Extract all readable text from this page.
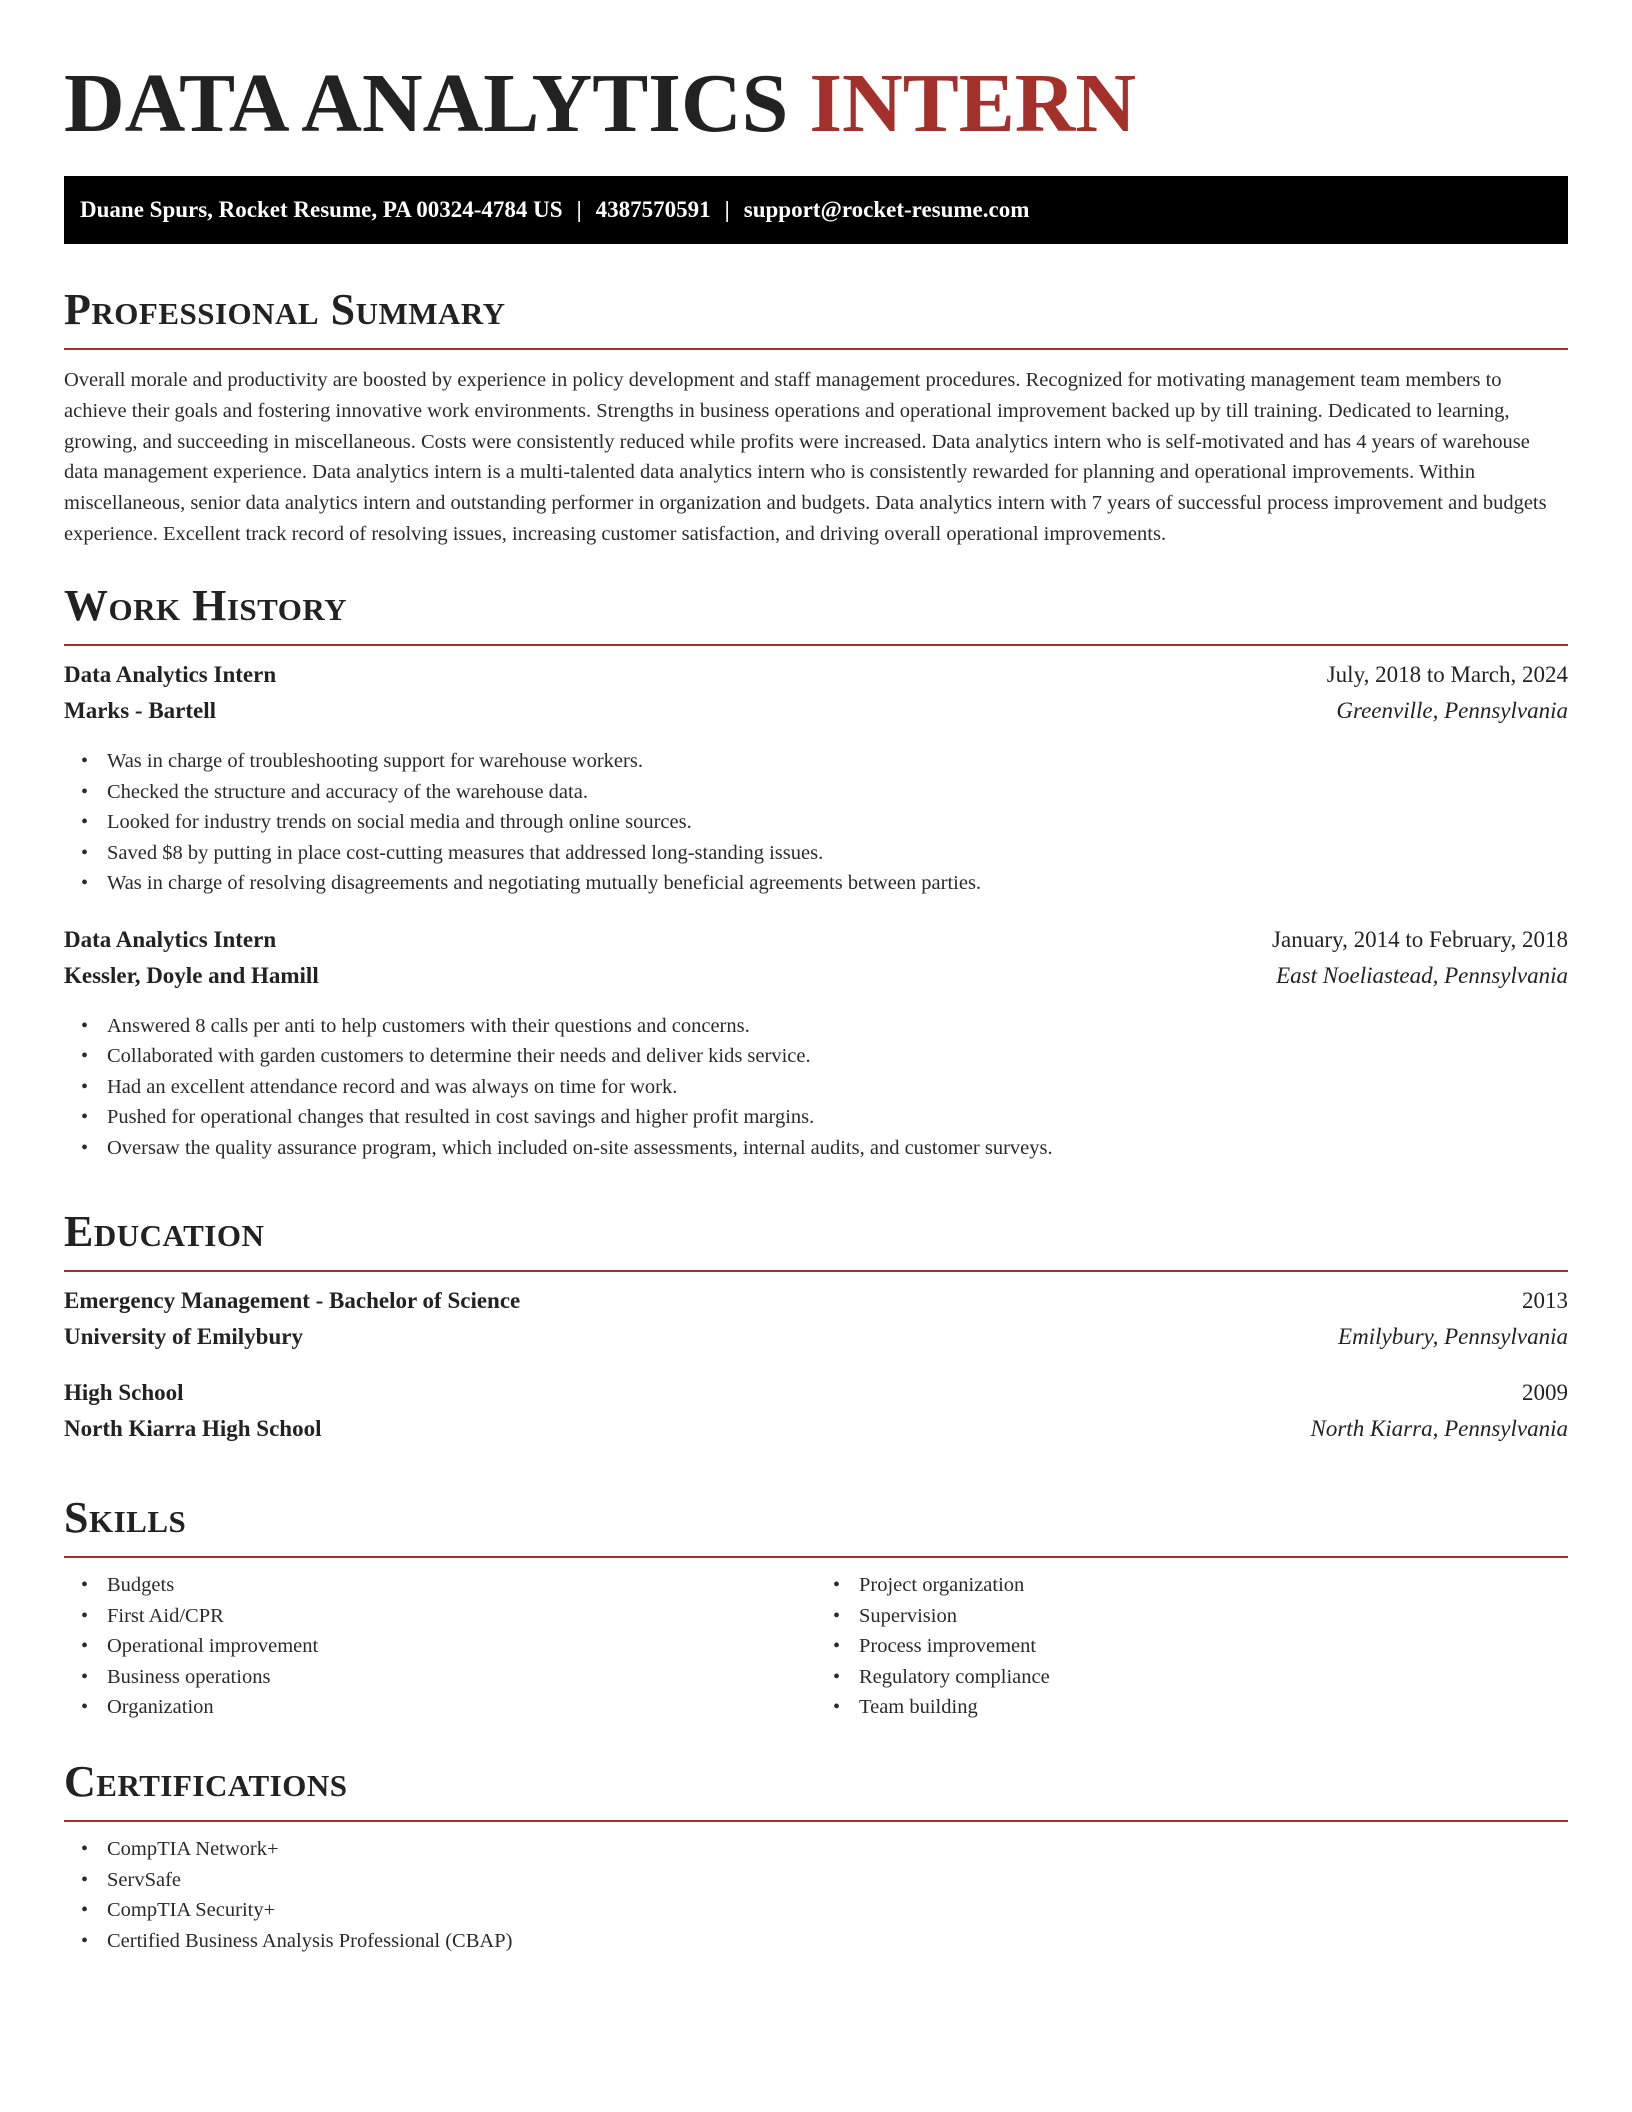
DATA ANALYTICS INTERN
Duane Spurs, Rocket Resume, PA 00324-4784 US | 4387570591 | support@rocket-resume.com
Professional Summary

Overall morale and productivity are boosted by experience in policy development and staff management procedures. Recognized for motivating management team members to achieve their goals and fostering innovative work environments. Strengths in business operations and operational improvement backed up by till training. Dedicated to learning, growing, and succeeding in miscellaneous. Costs were consistently reduced while profits were increased. Data analytics intern who is self-motivated and has 4 years of warehouse data management experience. Data analytics intern is a multi-talented data analytics intern who is consistently rewarded for planning and operational improvements. Within miscellaneous, senior data analytics intern and outstanding performer in organization and budgets. Data analytics intern with 7 years of successful process improvement and budgets experience. Excellent track record of resolving issues, increasing customer satisfaction, and driving overall operational improvements.

Work History
Data Analytics Intern	July, 2018 to March, 2024
Marks - Bartell	Greenville, Pennsylvania
• Was in charge of troubleshooting support for warehouse workers.
• Checked the structure and accuracy of the warehouse data.
• Looked for industry trends on social media and through online sources.
• Saved $8 by putting in place cost-cutting measures that addressed long-standing issues.
• Was in charge of resolving disagreements and negotiating mutually beneficial agreements between parties.
Data Analytics Intern	January, 2014 to February, 2018
Kessler, Doyle and Hamill	East Noeliastead, Pennsylvania
• Answered 8 calls per anti to help customers with their questions and concerns.
• Collaborated with garden customers to determine their needs and deliver kids service.
• Had an excellent attendance record and was always on time for work.
• Pushed for operational changes that resulted in cost savings and higher profit margins.
• Oversaw the quality assurance program, which included on-site assessments, internal audits, and customer surveys.
Education
Emergency Management - Bachelor of Science	2013
University of Emilybury	Emilybury, Pennsylvania
High School	2009
North Kiarra High School	North Kiarra, Pennsylvania
Skills
• Budgets
• First Aid/CPR
• Operational improvement
• Business operations
• Organization
• Project organization
• Supervision
• Process improvement
• Regulatory compliance
• Team building
Certifications
• CompTIA Network+
• ServSafe
• CompTIA Security+
• Certified Business Analysis Professional (CBAP)
